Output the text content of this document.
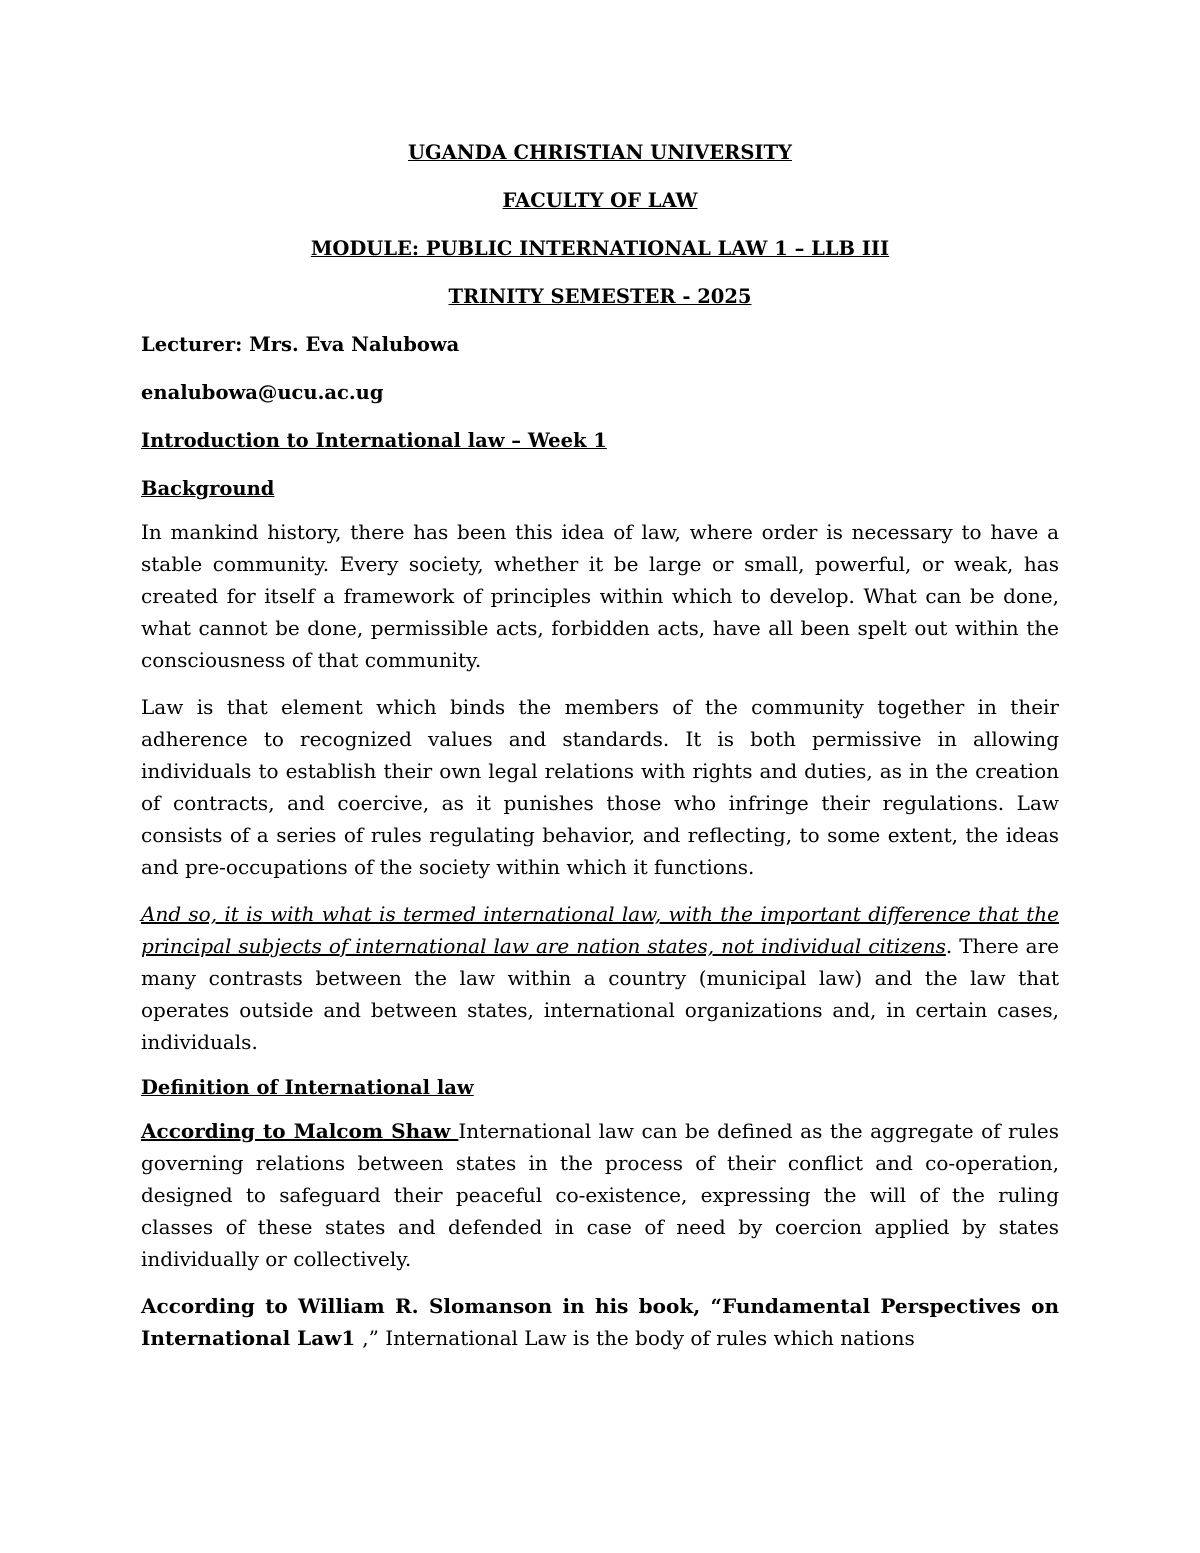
UGANDA CHRISTIAN UNIVERSITY

FACULTY OF LAW

MODULE: PUBLIC INTERNATIONAL LAW 1 – LLB III

TRINITY SEMESTER - 2025

Lecturer: Mrs. Eva Nalubowa

enalubowa@ucu.ac.ug

Introduction to International law – Week 1

Background

In mankind history, there has been this idea of law, where order is necessary to have a stable community. Every society, whether it be large or small, powerful, or weak, has created for itself a framework of principles within which to develop. What can be done, what cannot be done, permissible acts, forbidden acts, have all been spelt out within the consciousness of that community.

Law is that element which binds the members of the community together in their adherence to recognized values and standards. It is both permissive in allowing individuals to establish their own legal relations with rights and duties, as in the creation of contracts, and coercive, as it punishes those who infringe their regulations. Law consists of a series of rules regulating behavior, and reflecting, to some extent, the ideas and pre-occupations of the society within which it functions.

And so, it is with what is termed international law, with the important difference that the principal subjects of international law are nation states, not individual citizens. There are many contrasts between the law within a country (municipal law) and the law that operates outside and between states, international organizations and, in certain cases, individuals.

Definition of International law

According to Malcom Shaw International law can be defined as the aggregate of rules governing relations between states in the process of their conflict and co-operation, designed to safeguard their peaceful co-existence, expressing the will of the ruling classes of these states and defended in case of need by coercion applied by states individually or collectively.

According to William R. Slomanson in his book, “Fundamental Perspectives on International Law1 ,” International Law is the body of rules which nations
